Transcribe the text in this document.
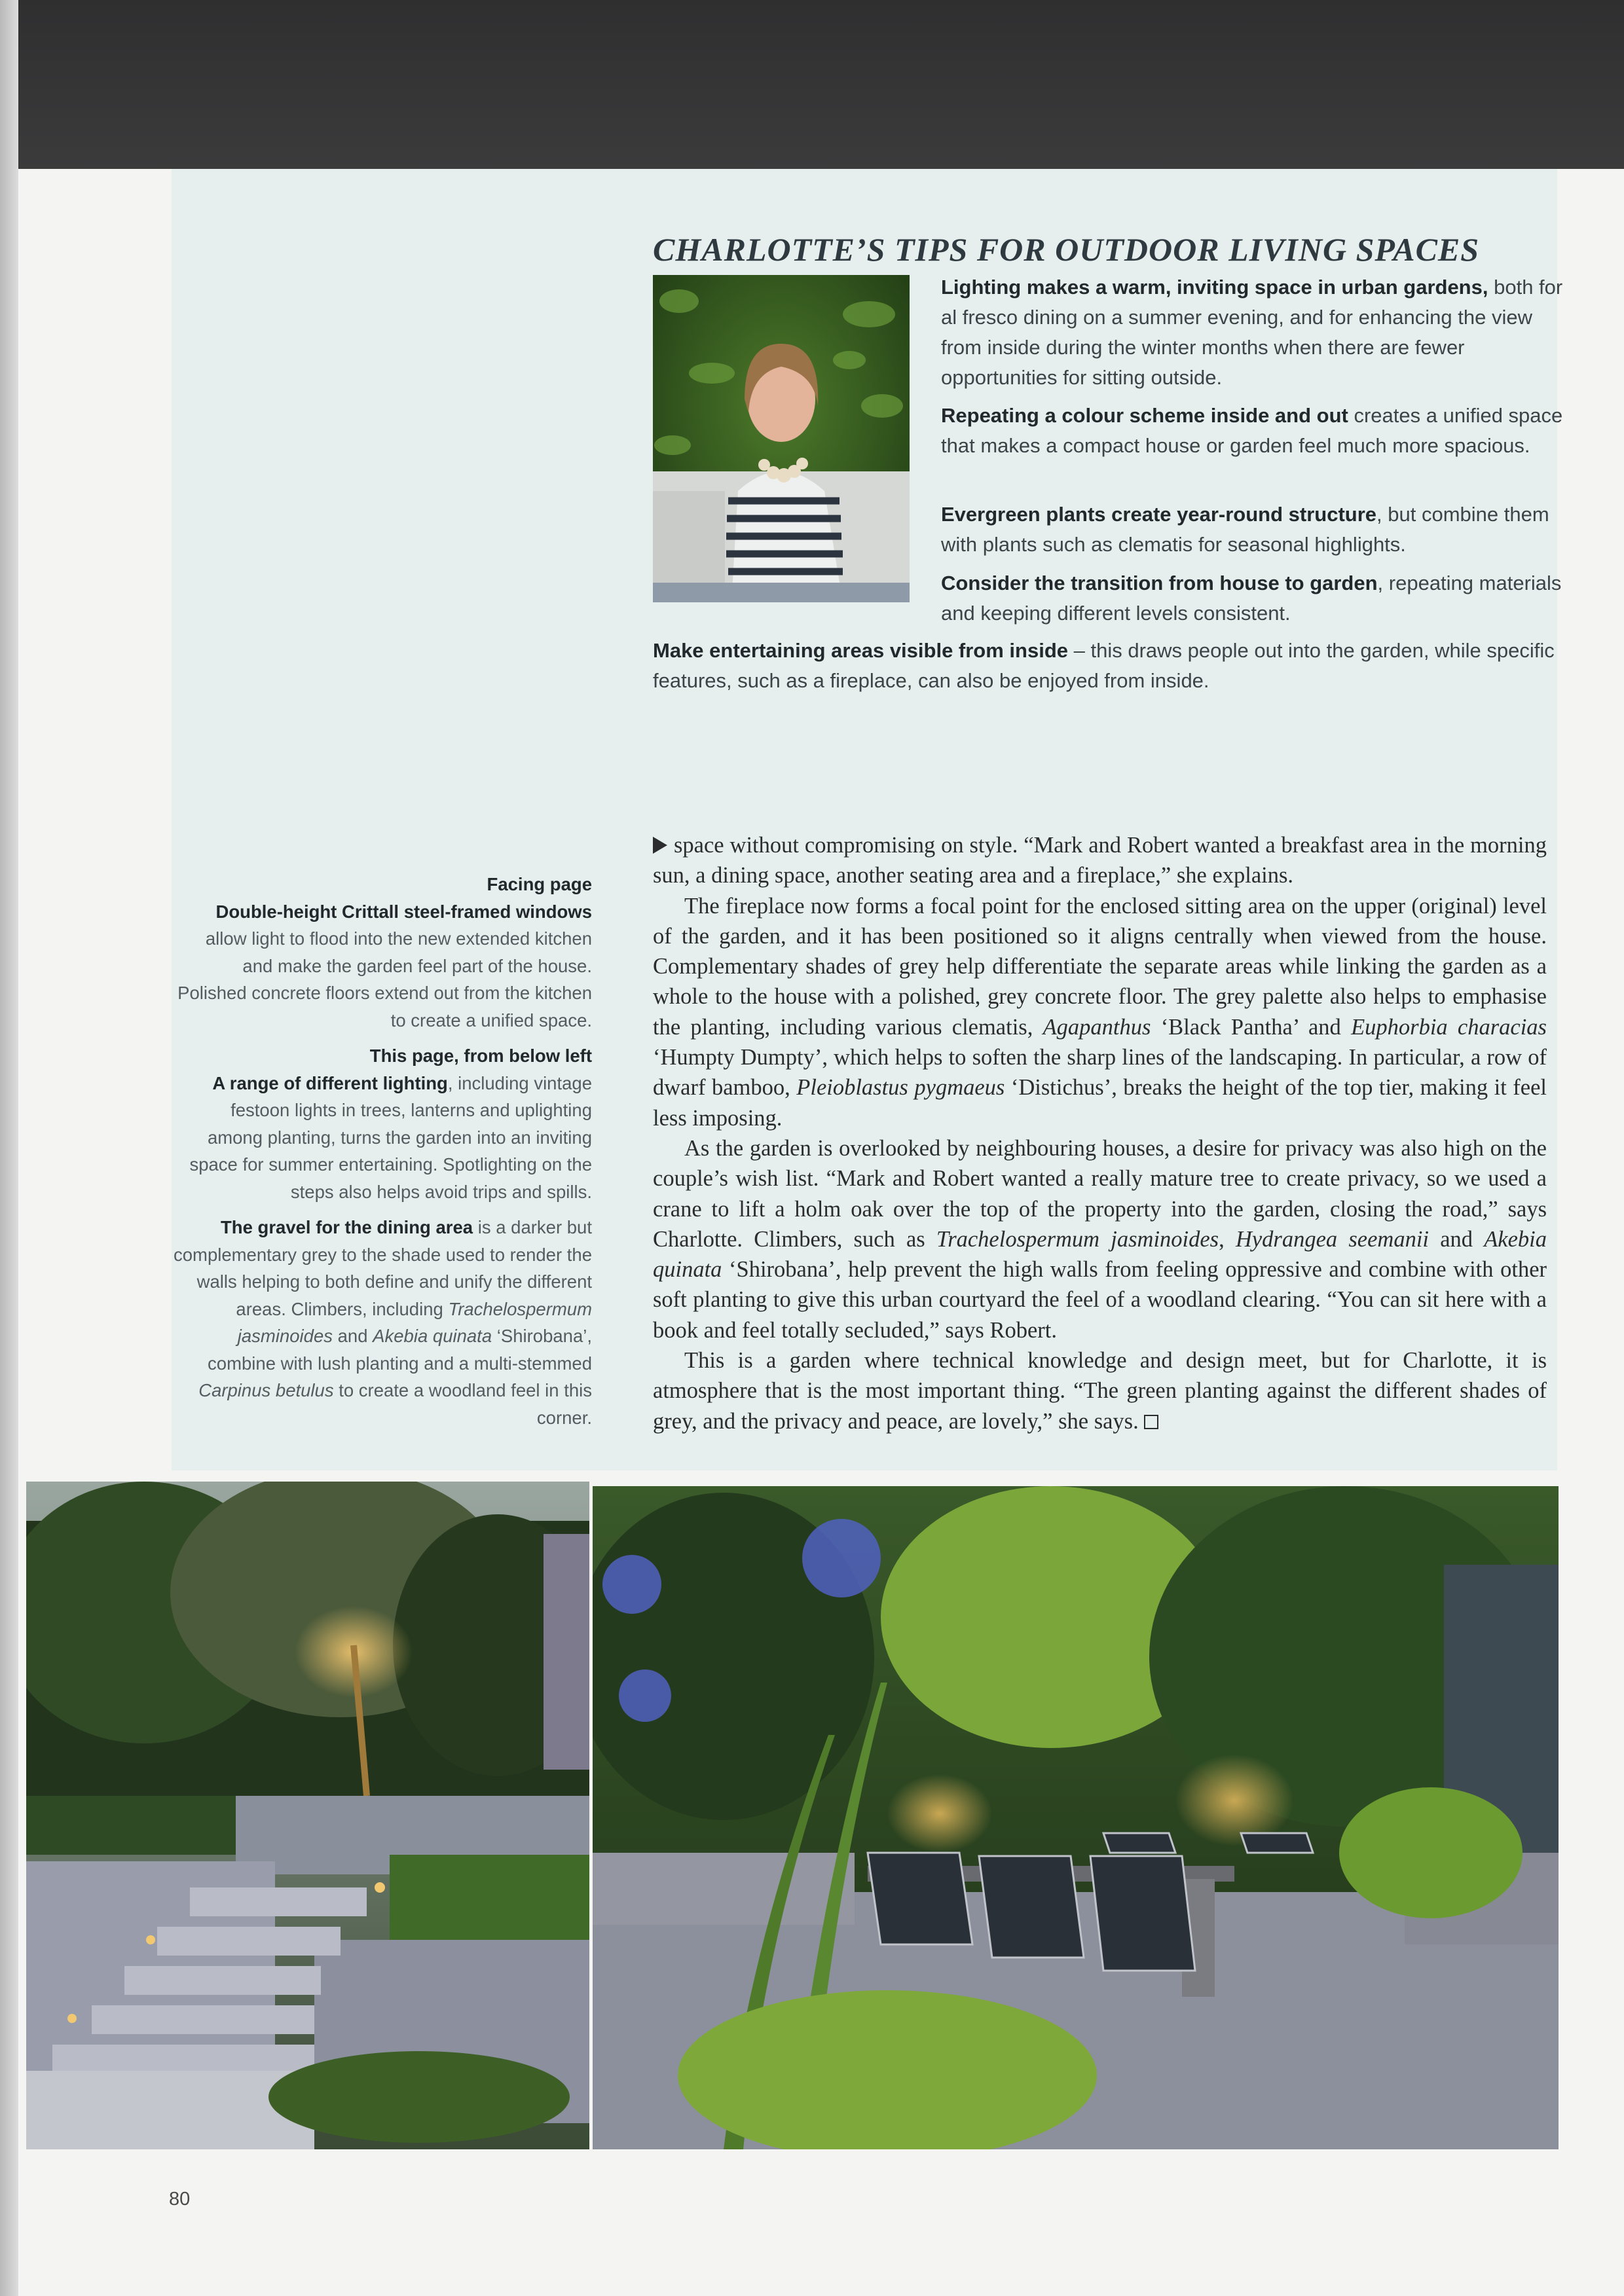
CHARLOTTE’S TIPS FOR OUTDOOR LIVING SPACES

Lighting makes a warm, inviting space in urban gardens, both for al fresco dining on a summer evening, and for enhancing the view from inside during the winter months when there are fewer opportunities for sitting outside.

Repeating a colour scheme inside and out creates a unified space that makes a compact house or garden feel much more spacious.

Evergreen plants create year-round structure, but combine them with plants such as clematis for seasonal highlights.

Consider the transition from house to garden, repeating materials and keeping different levels consistent.

Make entertaining areas visible from inside – this draws people out into the garden, while specific features, such as a fireplace, can also be enjoyed from inside.

Facing page
Double-height Crittall steel-framed windows allow light to flood into the new extended kitchen and make the garden feel part of the house. Polished concrete floors extend out from the kitchen to create a unified space.

This page, from below left
A range of different lighting, including vintage festoon lights in trees, lanterns and uplighting among planting, turns the garden into an inviting space for summer entertaining. Spotlighting on the steps also helps avoid trips and spills.

The gravel for the dining area is a darker but complementary grey to the shade used to render the walls helping to both define and unify the different areas. Climbers, including Trachelospermum jasminoides and Akebia quinata ‘Shirobana’, combine with lush planting and a multi-stemmed Carpinus betulus to create a woodland feel in this corner.

space without compromising on style. “Mark and Robert wanted a breakfast area in the morning sun, a dining space, another seating area and a fireplace,” she explains.

The fireplace now forms a focal point for the enclosed sitting area on the upper (original) level of the garden, and it has been positioned so it aligns centrally when viewed from the house. Complementary shades of grey help differentiate the separate areas while linking the garden as a whole to the house with a polished, grey concrete floor. The grey palette also helps to emphasise the planting, including various clematis, Agapanthus ‘Black Pantha’ and Euphorbia characias ‘Humpty Dumpty’, which helps to soften the sharp lines of the landscaping. In particular, a row of dwarf bamboo, Pleioblastus pygmaeus ‘Distichus’, breaks the height of the top tier, making it feel less imposing.

As the garden is overlooked by neighbouring houses, a desire for privacy was also high on the couple’s wish list. “Mark and Robert wanted a really mature tree to create privacy, so we used a crane to lift a holm oak over the top of the property into the garden, closing the road,” says Charlotte. Climbers, such as Trachelospermum jasminoides, Hydrangea seemanii and Akebia quinata ‘Shirobana’, help prevent the high walls from feeling oppressive and combine with other soft planting to give this urban courtyard the feel of a woodland clearing. “You can sit here with a book and feel totally secluded,” says Robert.

This is a garden where technical knowledge and design meet, but for Charlotte, it is atmosphere that is the most important thing. “The green planting against the different shades of grey, and the privacy and peace, are lovely,” she says.

80
